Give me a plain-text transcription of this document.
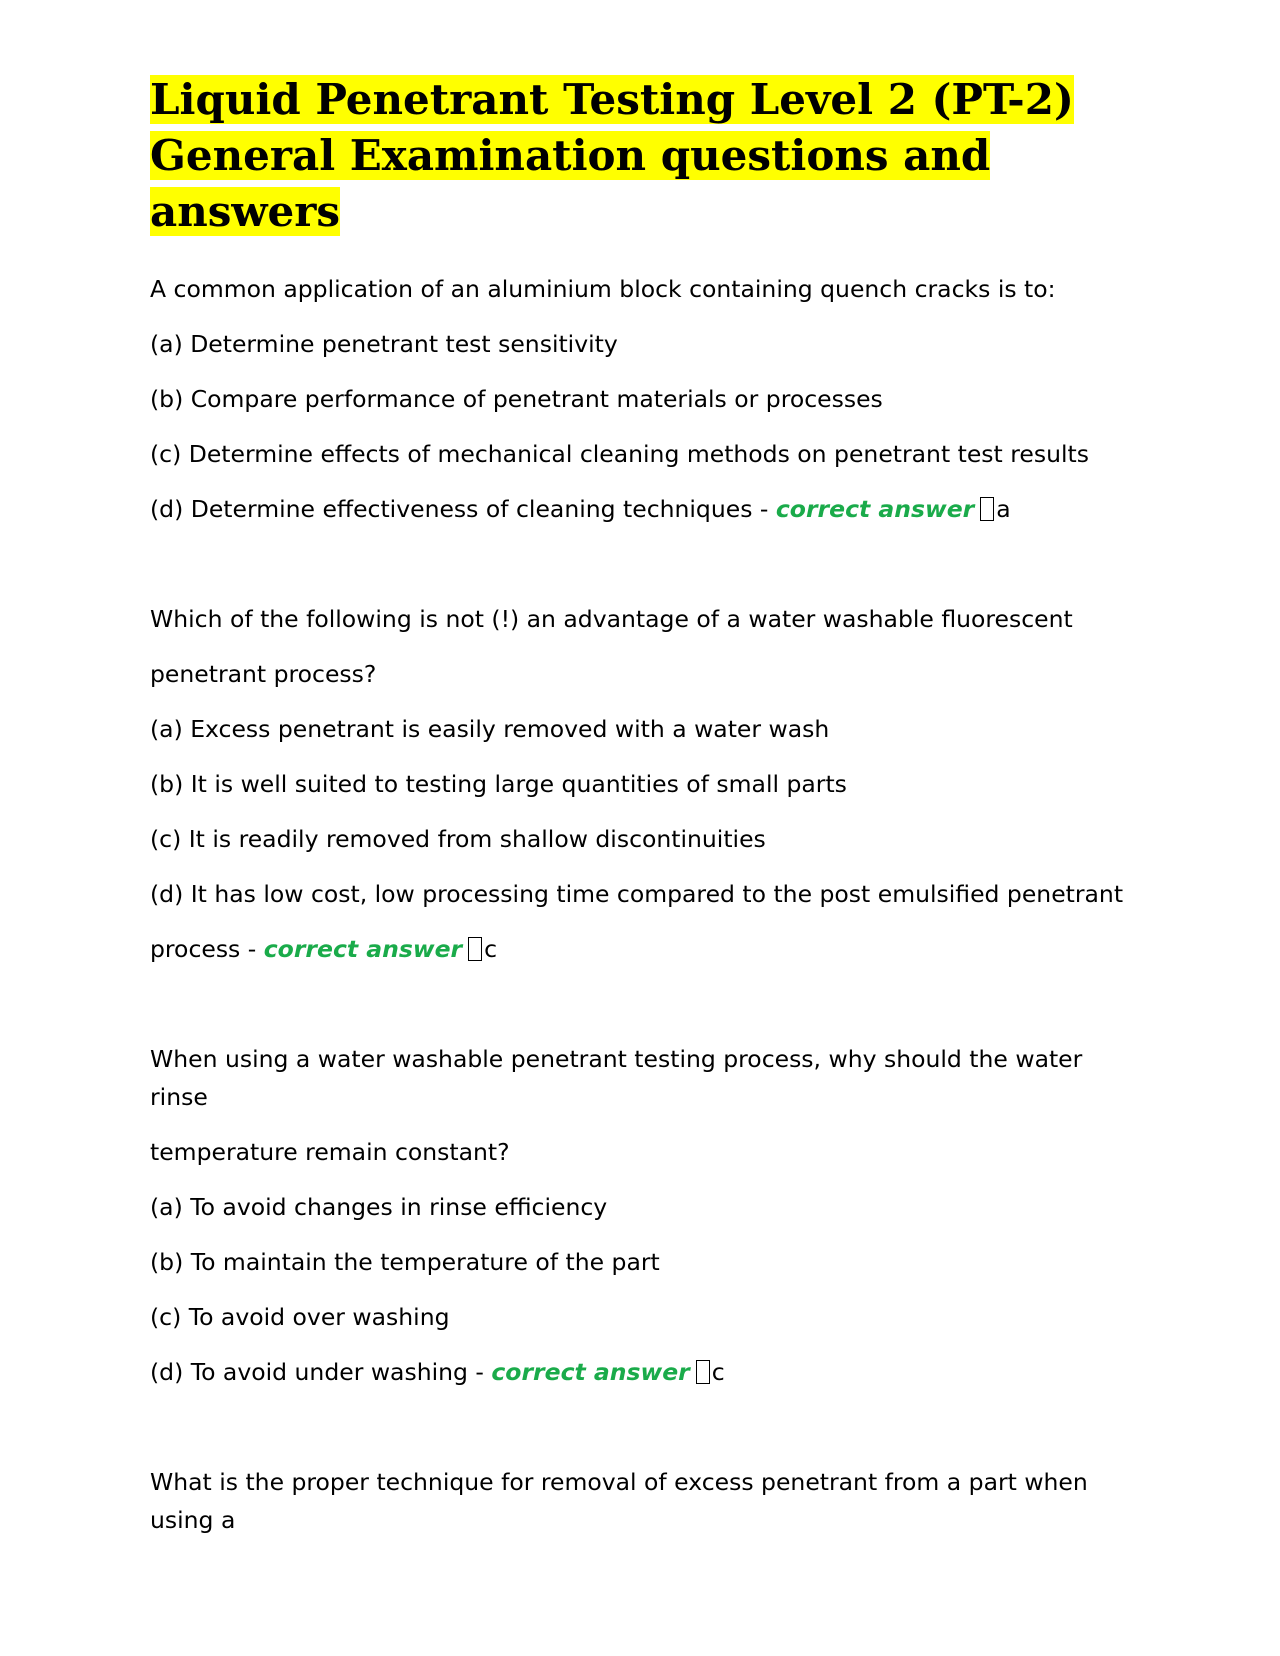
Liquid Penetrant Testing Level 2 (PT-2)
General Examination questions and answers
A common application of an aluminium block containing quench cracks is to:
(a) Determine penetrant test sensitivity
(b) Compare performance of penetrant materials or processes
(c) Determine effects of mechanical cleaning methods on penetrant test results
(d) Determine effectiveness of cleaning techniques - correct answer a
Which of the following is not (!) an advantage of a water washable fluorescent
penetrant process?
(a) Excess penetrant is easily removed with a water wash
(b) It is well suited to testing large quantities of small parts
(c) It is readily removed from shallow discontinuities
(d) It has low cost, low processing time compared to the post emulsified penetrant
process - correct answer c
When using a water washable penetrant testing process, why should the water rinse
temperature remain constant?
(a) To avoid changes in rinse efficiency
(b) To maintain the temperature of the part
(c) To avoid over washing
(d) To avoid under washing - correct answer c
What is the proper technique for removal of excess penetrant from a part when using a
